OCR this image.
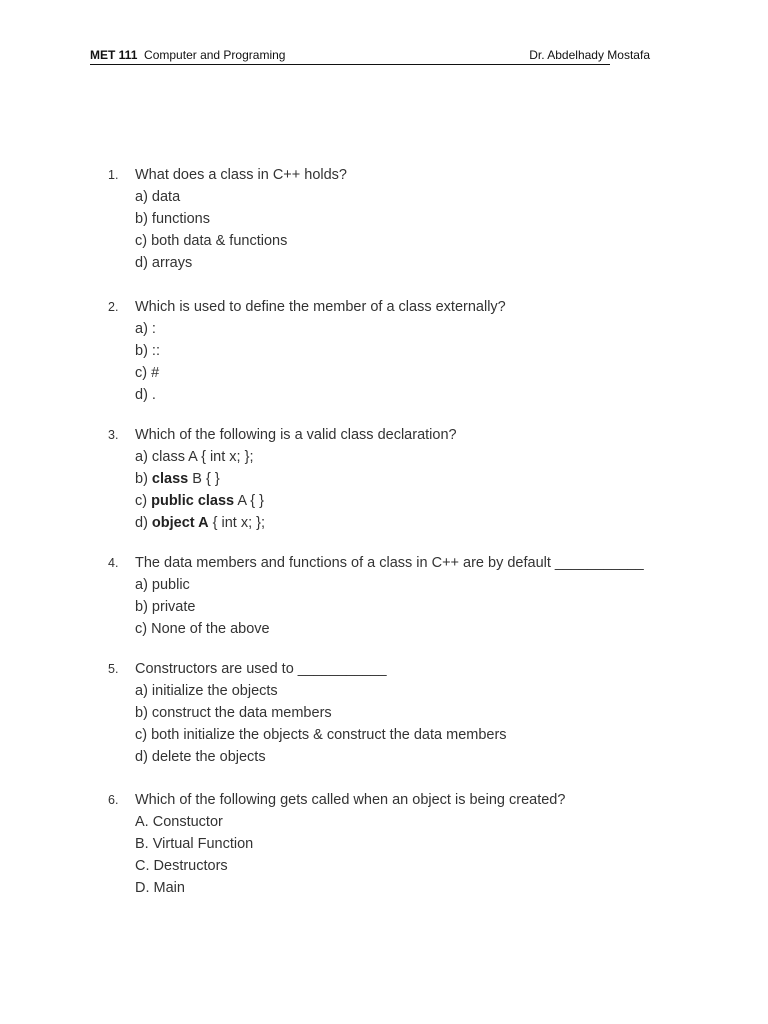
MET 111 Computer and Programing	Dr. Abdelhady Mostafa
1. What does a class in C++ holds?
a) data
b) functions
c) both data & functions
d) arrays
2. Which is used to define the member of a class externally?
a) :
b) ::
c) #
d) .
3. Which of the following is a valid class declaration?
a) class A { int x; };
b) class B { }
c) public class A { }
d) object A { int x; };
4. The data members and functions of a class in C++ are by default ___________
a) public
b) private
c) None of the above
5. Constructors are used to ___________
a) initialize the objects
b) construct the data members
c) both initialize the objects & construct the data members
d) delete the objects
6. Which of the following gets called when an object is being created?
A. Constuctor
B. Virtual Function
C. Destructors
D. Main
